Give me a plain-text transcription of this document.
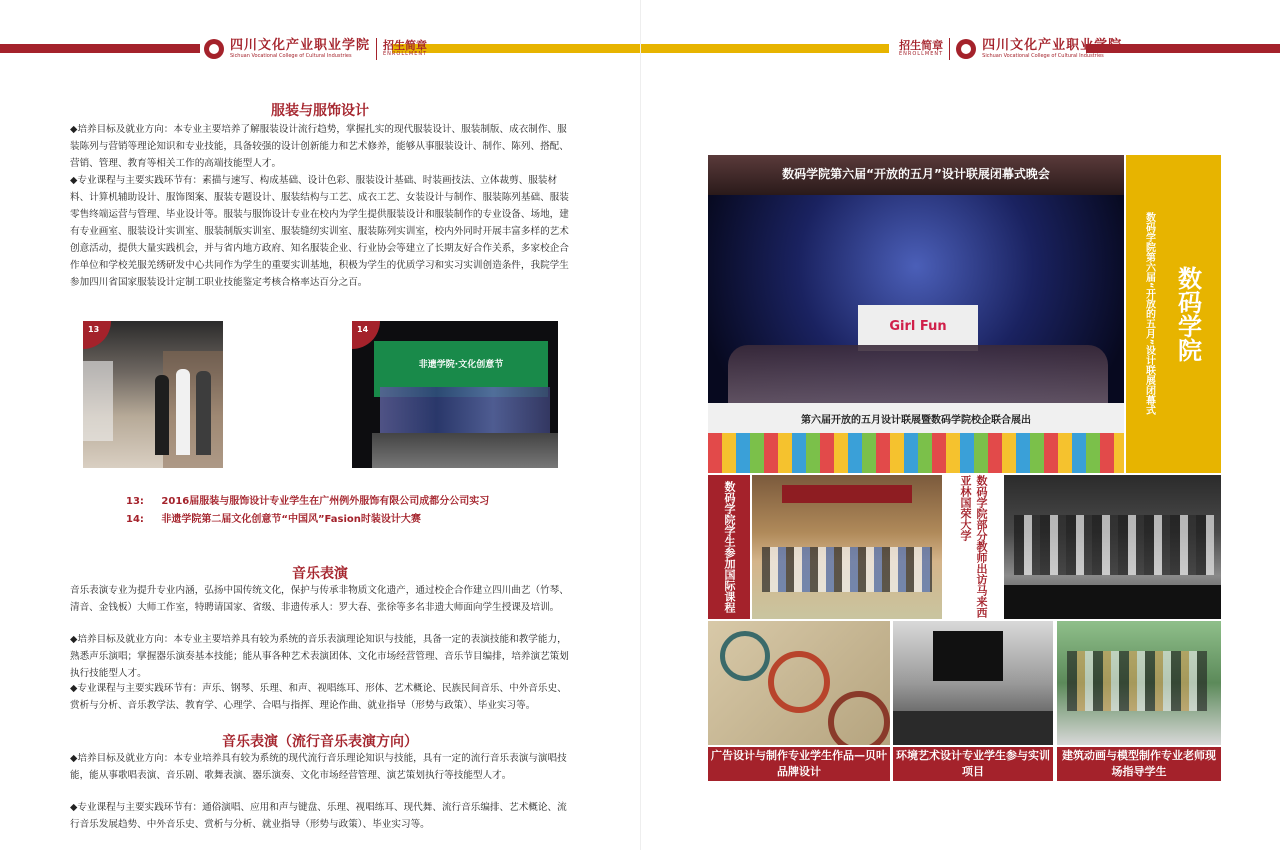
四川文化产业职业学院
Sichuan Vocational College of Cultural Industries
招生简章
ENROLLMENT
服装与服饰设计

◆培养目标及就业方向：本专业主要培养了解服装设计流行趋势，掌握扎实的现代服装设计、服装制版、成衣制作、服装陈列与营销等理论知识和专业技能，具备较强的设计创新能力和艺术修养，能够从事服装设计、制作、陈列、搭配、营销、管理、教育等相关工作的高端技能型人才。

◆专业课程与主要实践环节有：素描与速写、构成基础、设计色彩、服装设计基础、时装画技法、立体裁剪、服装材料、计算机辅助设计、服饰图案、服装专题设计、服装结构与工艺、成衣工艺、女装设计与制作、服装陈列基础、服装零售终端运营与管理、毕业设计等。服装与服饰设计专业在校内为学生提供服装设计和服装制作的专业设备、场地，建有专业画室、服装设计实训室、服装制版实训室、服装缝纫实训室、服装陈列实训室，校内外同时开展丰富多样的艺术创意活动，提供大量实践机会，并与省内地方政府、知名服装企业、行业协会等建立了长期友好合作关系，多家校企合作单位和学校羌服羌绣研发中心共同作为学生的重要实训基地，积极为学生的优质学习和实习实训创造条件，我院学生参加四川省国家服装设计定制工职业技能鉴定考核合格率达百分之百。

13
非遗学院·文化创意节
14
13: 2016届服装与服饰设计专业学生在广州例外服饰有限公司成都分公司实习
14: 非遗学院第二届文化创意节“中国风”Fasion时装设计大赛
音乐表演

音乐表演专业为提升专业内涵，弘扬中国传统文化，保护与传承非物质文化遗产，通过校企合作建立四川曲艺（竹琴、清音、金钱板）大师工作室，特聘请国家、省级、非遗传承人：罗大春、张徐等多名非遗大师面向学生授课及培训。

◆培养目标及就业方向：本专业主要培养具有较为系统的音乐表演理论知识与技能，具备一定的表演技能和教学能力，熟悉声乐演唱；掌握器乐演奏基本技能；能从事各种艺术表演团体、文化市场经营管理、音乐节目编排，培养演艺策划执行技能型人才。

◆专业课程与主要实践环节有：声乐、钢琴、乐理、和声、视唱练耳、形体、艺术概论、民族民间音乐、中外音乐史、赏析与分析、音乐教学法、教育学、心理学、合唱与指挥、理论作曲、就业指导（形势与政策）、毕业实习等。

音乐表演（流行音乐表演方向）

◆培养目标及就业方向：本专业培养具有较为系统的现代流行音乐理论知识与技能，具有一定的流行音乐表演与演唱技能，能从事歌唱表演、音乐剧、歌舞表演、器乐演奏、文化市场经营管理、演艺策划执行等技能型人才。

◆专业课程与主要实践环节有：通俗演唱、应用和声与键盘、乐理、视唱练耳、现代舞、流行音乐编排、艺术概论、流行音乐发展趋势、中外音乐史、赏析与分析、就业指导（形势与政策）、毕业实习等。

招生简章
ENROLLMENT
四川文化产业职业学院
Sichuan Vocational College of Cultural Industries
数码学院第六届“开放的五月”设计联展闭幕式晚会
Girl Fun
第六届开放的五月设计联展暨数码学院校企联合展出
数码学院第六届“开放的五月”设计联展闭幕式 数码学院
数码学院学生参加国际课程	数码学院部分教师出访马来西亚林国荣大学
广告设计与制作专业学生作品—贝叶品牌设计
环境艺术设计专业学生参与实训项目
建筑动画与模型制作专业老师现场指导学生
